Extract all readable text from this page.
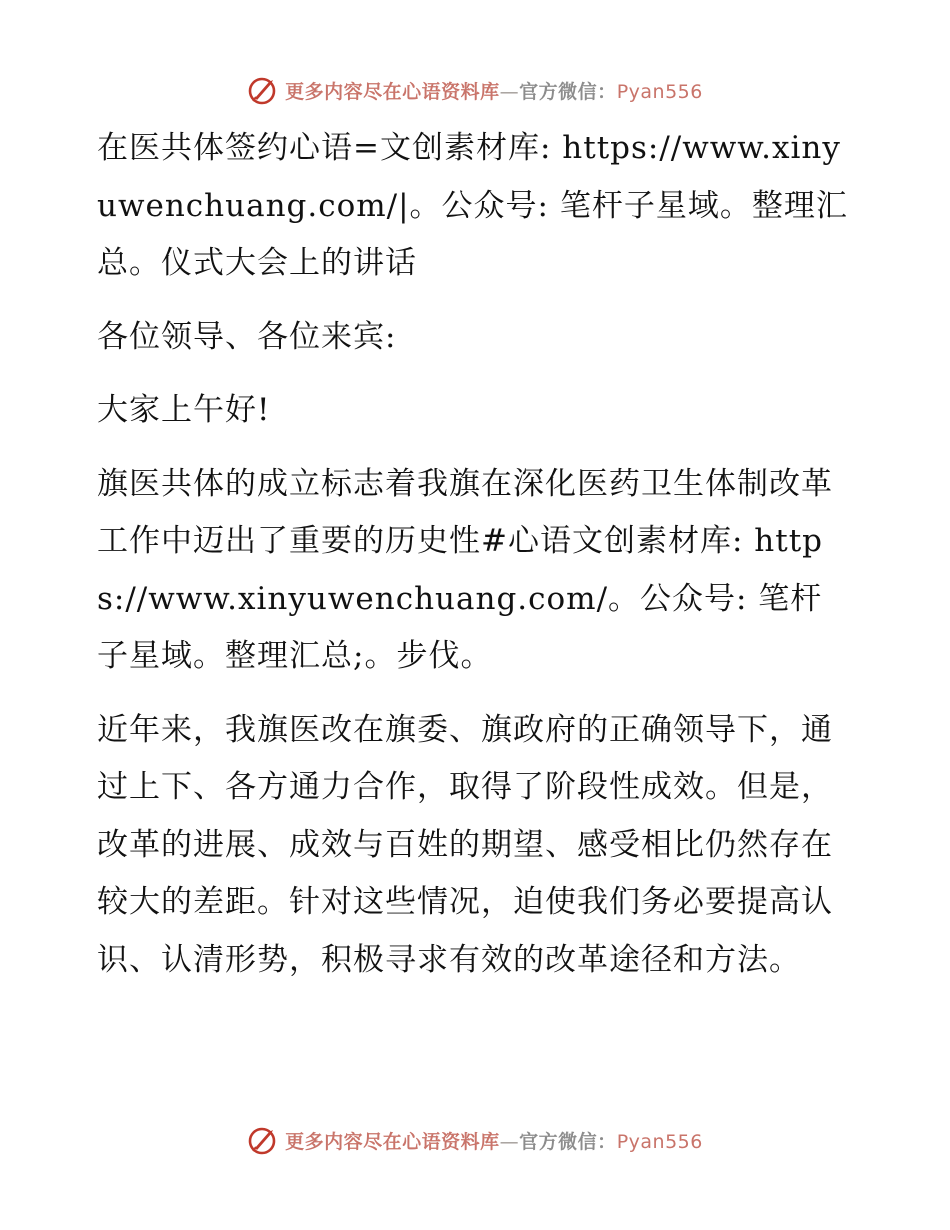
更多内容尽在心语资料库—官方微信：Pyan556

在医共体签约心语=文创素材库: https://www.xinyuwenchuang.com/|。公众号: 笔杆子星域。整理汇总。仪式大会上的讲话

各位领导、各位来宾:

大家上午好!

旗医共体的成立标志着我旗在深化医药卫生体制改革工作中迈出了重要的历史性#心语文创素材库: https://www.xinyuwenchuang.com/。公众号: 笔杆子星域。整理汇总;。步伐。

近年来，我旗医改在旗委、旗政府的正确领导下，通过上下、各方通力合作，取得了阶段性成效。但是，改革的进展、成效与百姓的期望、感受相比仍然存在较大的差距。针对这些情况，迫使我们务必要提高认识、认清形势，积极寻求有效的改革途径和方法。

更多内容尽在心语资料库—官方微信：Pyan556
